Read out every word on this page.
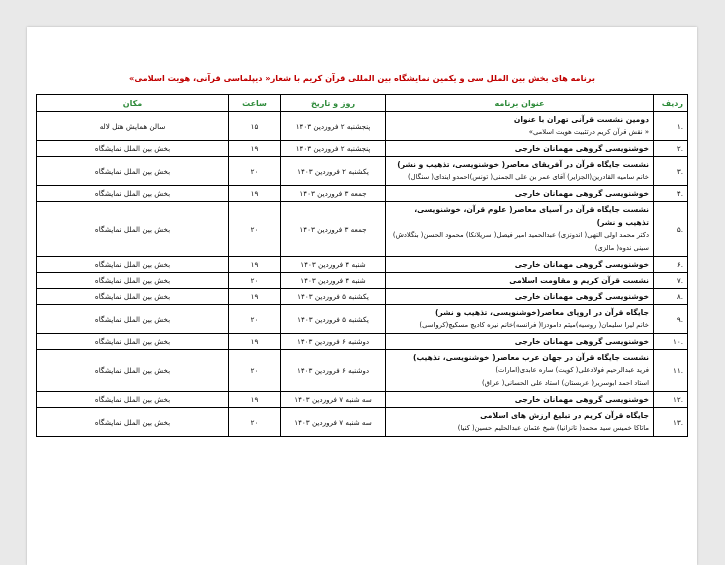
برنامه های بخش بین الملل سی و یکمین نمایشگاه بین المللی قرآن کریم با شعار« دیپلماسی قرآنی، هویت اسلامی»
ردیف	عنوان برنامه	روز و تاریخ	ساعت	مکان
.۱	دومین نشست قرآنی تهران با عنوان
« نقش قرآن کریم درتثبیت هویت اسلامی»	پنجشنبه ۲ فروردین ۱۴۰۳	۱۵	سالن همایش هتل لاله
.۲	خوشنویسی گروهی مهمانان خارجی	پنجشنبه ۲ فروردین ۱۴۰۳	۱۹	بخش بین الملل نمایشگاه
.۳	نشست جایگاه قرآن در آفریقای معاصر( خوشنویسی، تذهیب و نشر)
خانم سامیه القادرین(الجزایر) آقای عمر بن علی الجمنی( تونس)احمدو ایندای( سنگال)	یکشنبه ۲ فروردین ۱۴۰۳	۲۰	بخش بین الملل نمایشگاه
.۴	خوشنویسی گروهی مهمانان خارجی	جمعه ۳ فروردین ۱۴۰۳	۱۹	بخش بین الملل نمایشگاه
.۵	نشست جایگاه قرآن در آسیای معاصر( علوم قرآن، خوشنویسی، تذهیب و نشر)
دکتر محمد اولی النهی( اندونزی) عبدالحمید امیر فیصل( سریلانکا) محمود الحسن( بنگلادش) سینی ندوه( مالزی)	جمعه ۳ فروردین ۱۴۰۳	۲۰	بخش بین الملل نمایشگاه
.۶	خوشنویسی گروهی مهمانان خارجی	شنبه ۴ فروردین ۱۴۰۳	۱۹	بخش بین الملل نمایشگاه
.۷	نشست قرآن کریم و مقاومت اسلامی	شنبه ۴ فروردین ۱۴۰۳	۲۰	بخش بین الملل نمایشگاه
.۸	خوشنویسی گروهی مهمانان خارجی	یکشنبه ۵ فروردین ۱۴۰۳	۱۹	بخش بین الملل نمایشگاه
.۹	جایگاه قرآن در اروپای معاصر(خوشنویسی، تذهیب و نشر)
خانم لیرا سلیمان( روسیه)میثم دامودزا( فرانسه)خانم نیره کادیچ مسکیچ(کرواسی)	یکشنبه ۵ فروردین ۱۴۰۳	۲۰	بخش بین الملل نمایشگاه
.۱۰	خوشنویسی گروهی مهمانان خارجی	دوشنبه ۶ فروردین ۱۴۰۳	۱۹	بخش بین الملل نمایشگاه
.۱۱	نشست جایگاه قرآن در جهان عرب معاصر( خوشنویسی، تذهیب)
فرید عبدالرحیم فولادعلی( کویت) ساره عابدی(امارات)
استاد احمد ابوسریر( عربستان) استاد علی الحسانی( عراق)	دوشنبه ۶ فروردین ۱۴۰۳	۲۰	بخش بین الملل نمایشگاه
.۱۲	خوشنویسی گروهی مهمانان خارجی	سه شنبه ۷ فروردین ۱۴۰۳	۱۹	بخش بین الملل نمایشگاه
.۱۳	جایگاه قرآن کریم در تبلیغ ارزش های اسلامی
ماتاکا خمیس سید محمد( تانزانیا) شیخ عثمان عبدالحلیم حسین( کنیا)	سه شنبه ۷ فروردین ۱۴۰۳	۲۰	بخش بین الملل نمایشگاه
